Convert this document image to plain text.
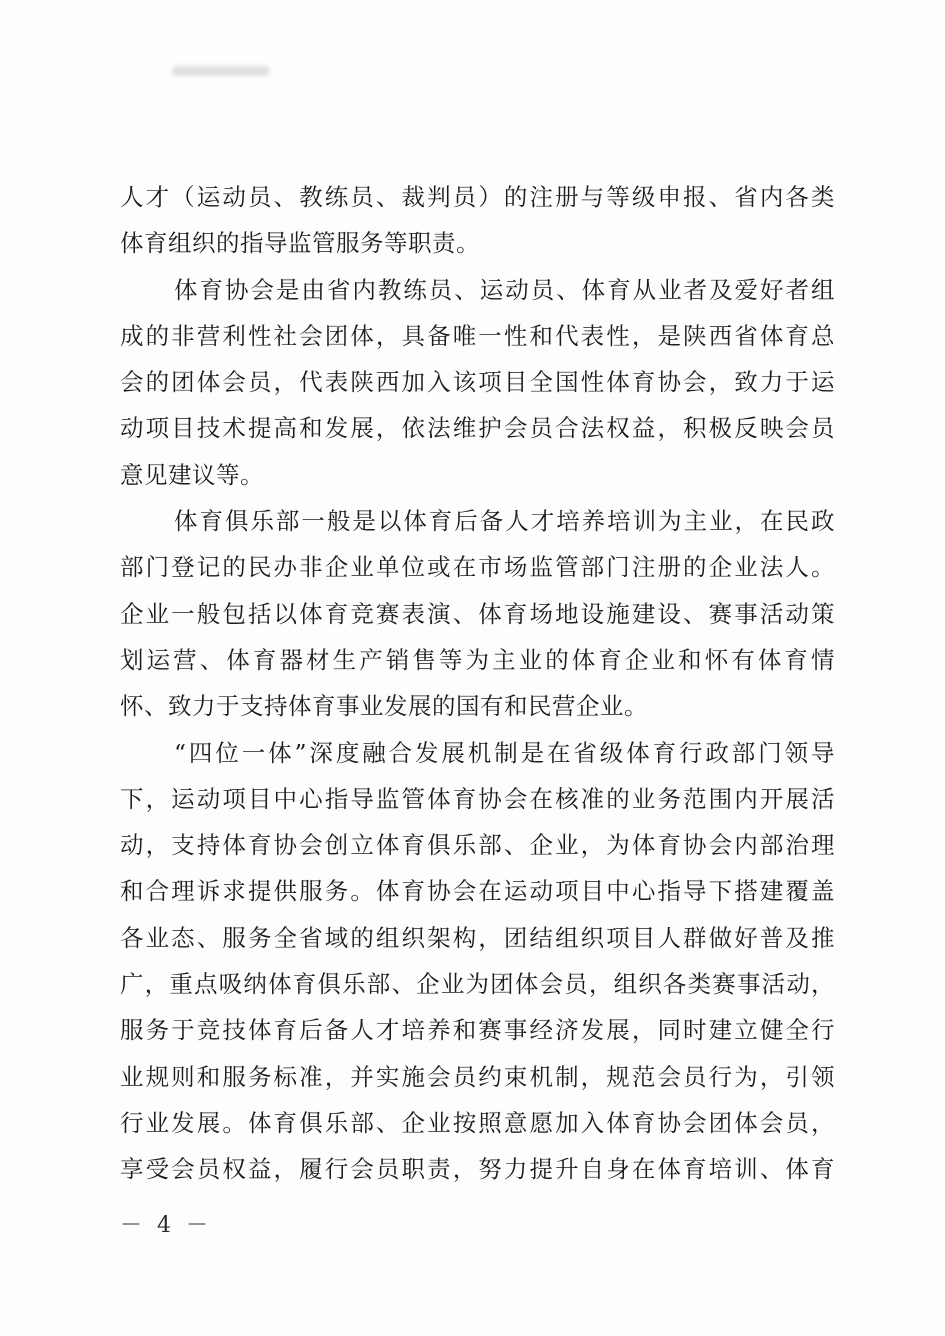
人才（运动员、教练员、裁判员）的注册与等级申报、省内各类
体育组织的指导监管服务等职责。
体育协会是由省内教练员、运动员、体育从业者及爱好者组
成的非营利性社会团体，具备唯一性和代表性，是陕西省体育总
会的团体会员，代表陕西加入该项目全国性体育协会，致力于运
动项目技术提高和发展，依法维护会员合法权益，积极反映会员
意见建议等。
体育俱乐部一般是以体育后备人才培养培训为主业，在民政
部门登记的民办非企业单位或在市场监管部门注册的企业法人。
企业一般包括以体育竞赛表演、体育场地设施建设、赛事活动策
划运营、体育器材生产销售等为主业的体育企业和怀有体育情
怀、致力于支持体育事业发展的国有和民营企业。
“四位一体”深度融合发展机制是在省级体育行政部门领导
下，运动项目中心指导监管体育协会在核准的业务范围内开展活
动，支持体育协会创立体育俱乐部、企业，为体育协会内部治理
和合理诉求提供服务。体育协会在运动项目中心指导下搭建覆盖
各业态、服务全省域的组织架构，团结组织项目人群做好普及推
广，重点吸纳体育俱乐部、企业为团体会员，组织各类赛事活动，
服务于竞技体育后备人才培养和赛事经济发展，同时建立健全行
业规则和服务标准，并实施会员约束机制，规范会员行为，引领
行业发展。体育俱乐部、企业按照意愿加入体育协会团体会员，
享受会员权益，履行会员职责，努力提升自身在体育培训、体育
－ 4 －
